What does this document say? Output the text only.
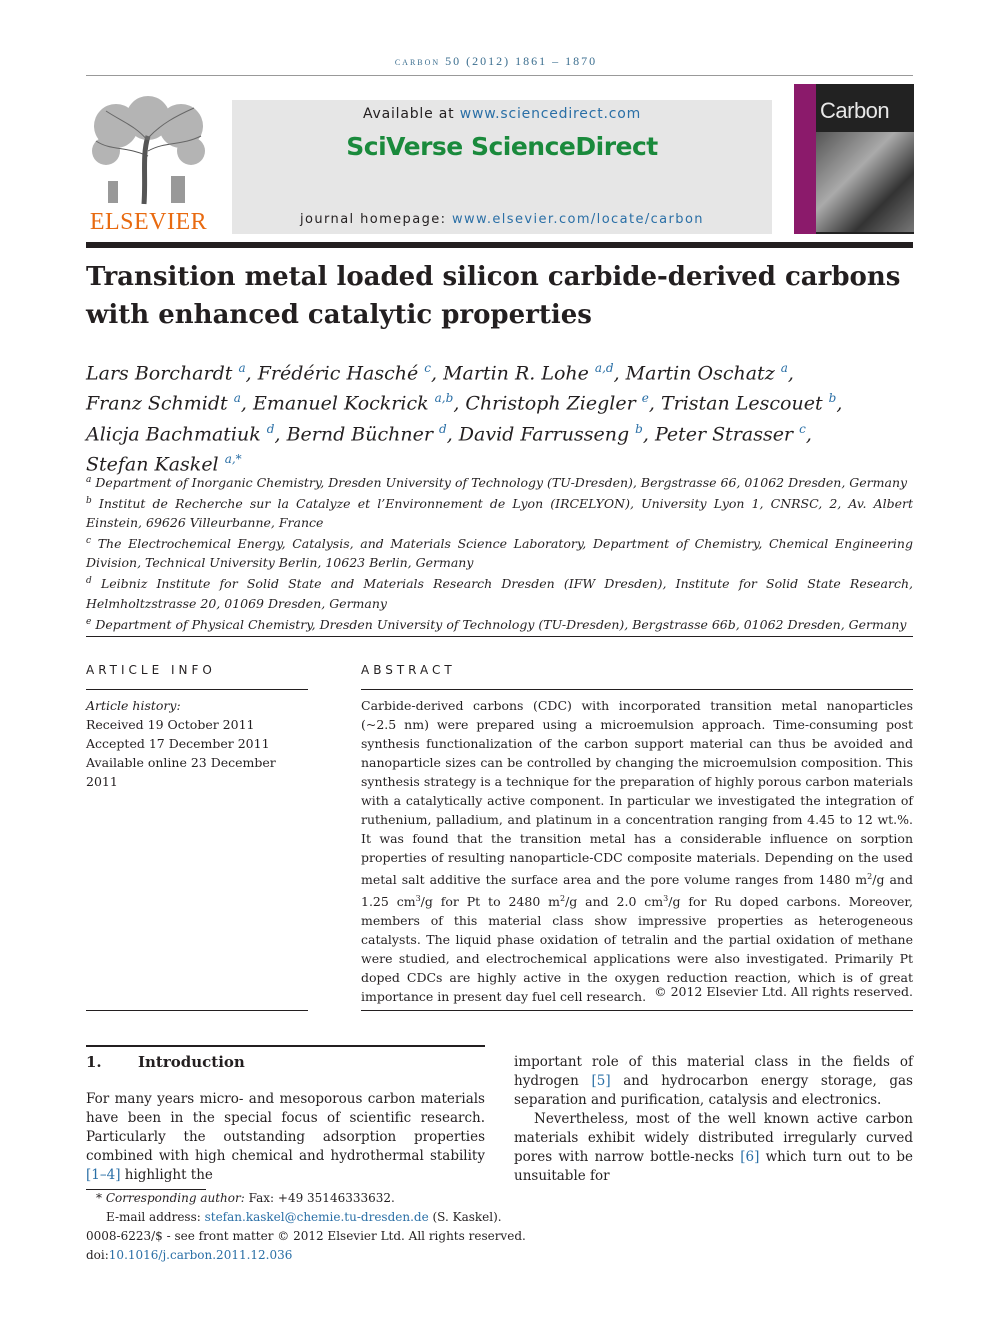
carbon 50 (2012) 1861 – 1870
ELSEVIER
Available at www.sciencedirect.com
SciVerse ScienceDirect
journal homepage: www.elsevier.com/locate/carbon
Carbon
Transition metal loaded silicon carbide-derived carbons
with enhanced catalytic properties
Lars Borchardt $^a$, Frédéric Hasché $^c$, Martin R. Lohe $^{a,d}$, Martin Oschatz $^a$,
Franz Schmidt $^a$, Emanuel Kockrick $^{a,b}$, Christoph Ziegler $^e$, Tristan Lescouet $^b$,
Alicja Bachmatiuk $^d$, Bernd Büchner $^d$, David Farrusseng $^b$, Peter Strasser $^c$,
Stefan Kaskel $^{a,*}$
$^a$ Department of Inorganic Chemistry, Dresden University of Technology (TU-Dresden), Bergstrasse 66, 01062 Dresden, Germany
$^b$ Institut de Recherche sur la Catalyze et l’Environnement de Lyon (IRCELYON), University Lyon 1, CNRSC, 2, Av. Albert Einstein, 69626 Villeurbanne, France
$^c$ The Electrochemical Energy, Catalysis, and Materials Science Laboratory, Department of Chemistry, Chemical Engineering Division, Technical University Berlin, 10623 Berlin, Germany
$^d$ Leibniz Institute for Solid State and Materials Research Dresden (IFW Dresden), Institute for Solid State Research, Helmholtzstrasse 20, 01069 Dresden, Germany
$^e$ Department of Physical Chemistry, Dresden University of Technology (TU-Dresden), Bergstrasse 66b, 01062 Dresden, Germany
ARTICLE INFO	ABSTRACT
Article history:
Received 19 October 2011
Accepted 17 December 2011
Available online 23 December 2011
Carbide-derived carbons (CDC) with incorporated transition metal nanoparticles (~2.5 nm) were prepared using a microemulsion approach. Time-consuming post synthesis functionalization of the carbon support material can thus be avoided and nanoparticle sizes can be controlled by changing the microemulsion composition. This synthesis strategy is a technique for the preparation of highly porous carbon materials with a catalytically active component. In particular we investigated the integration of ruthenium, palladium, and platinum in a concentration ranging from 4.45 to 12 wt.%. It was found that the transition metal has a considerable influence on sorption properties of resulting nanoparticle-CDC composite materials. Depending on the used metal salt additive the surface area and the pore volume ranges from 1480 $m^2/g$ and 1.25 $cm^3/g$ for Pt to 2480 $m^2/g$ and 2.0 $cm^3/g$ for Ru doped carbons. Moreover, members of this material class show impressive properties as heterogeneous catalysts. The liquid phase oxidation of tetralin and the partial oxidation of methane were studied, and electrochemical applications were also investigated. Primarily Pt doped CDCs are highly active in the oxygen reduction reaction, which is of great importance in present day fuel cell research. © 2012 Elsevier Ltd. All rights reserved.
1. Introduction
For many years micro- and mesoporous carbon materials have been in the special focus of scientific research. Particularly the outstanding adsorption properties combined with high chemical and hydrothermal stability [1–4] highlight the
important role of this material class in the fields of hydrogen [5] and hydrocarbon energy storage, gas separation and purification, catalysis and electronics.
Nevertheless, most of the well known active carbon materials exhibit widely distributed irregularly curved pores with narrow bottle-necks [6] which turn out to be unsuitable for
* Corresponding author: Fax: +49 35146333632.
E-mail address: stefan.kaskel@chemie.tu-dresden.de (S. Kaskel).
0008-6223/$ - see front matter © 2012 Elsevier Ltd. All rights reserved.
doi:10.1016/j.carbon.2011.12.036
